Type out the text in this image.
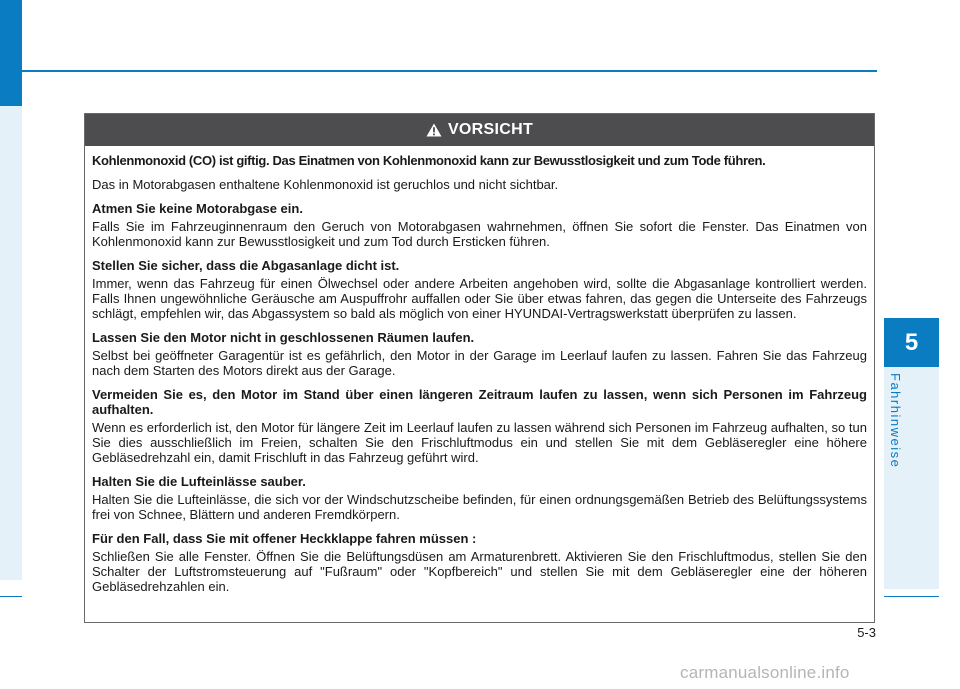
5
Fahrhinweise
VORSICHT

Kohlenmonoxid (CO) ist giftig. Das Einatmen von Kohlenmonoxid kann zur Bewusstlosigkeit und zum Tode führen.

Das in Motorabgasen enthaltene Kohlenmonoxid ist geruchlos und nicht sichtbar.

Atmen Sie keine Motorabgase ein.

Falls Sie im Fahrzeuginnenraum den Geruch von Motorabgasen wahrnehmen, öffnen Sie sofort die Fenster. Das Einatmen von Kohlenmonoxid kann zur Bewusstlosigkeit und zum Tod durch Ersticken führen.

Stellen Sie sicher, dass die Abgasanlage dicht ist.

Immer, wenn das Fahrzeug für einen Ölwechsel oder andere Arbeiten angehoben wird, sollte die Abgasanlage kontrolliert werden. Falls Ihnen ungewöhnliche Geräusche am Auspuffrohr auffallen oder Sie über etwas fahren, das gegen die Unterseite des Fahrzeugs schlägt, empfehlen wir, das Abgassystem so bald als möglich von einer HYUNDAI-Vertragswerkstatt überprüfen zu lassen.

Lassen Sie den Motor nicht in geschlossenen Räumen laufen.

Selbst bei geöffneter Garagentür ist es gefährlich, den Motor in der Garage im Leerlauf laufen zu lassen. Fahren Sie das Fahrzeug nach dem Starten des Motors direkt aus der Garage.

Vermeiden Sie es, den Motor im Stand über einen längeren Zeitraum laufen zu lassen, wenn sich Personen im Fahrzeug aufhalten.

Wenn es erforderlich ist, den Motor für längere Zeit im Leerlauf laufen zu lassen während sich Personen im Fahrzeug aufhalten, so tun Sie dies ausschließlich im Freien, schalten Sie den Frischluftmodus ein und stellen Sie mit dem Gebläseregler eine höhere Gebläsedrehzahl ein, damit Frischluft in das Fahrzeug geführt wird.

Halten Sie die Lufteinlässe sauber.

Halten Sie die Lufteinlässe, die sich vor der Windschutzscheibe befinden, für einen ordnungsgemäßen Betrieb des Belüftungssystems frei von Schnee, Blättern und anderen Fremdkörpern.

Für den Fall, dass Sie mit offener Heckklappe fahren müssen :

Schließen Sie alle Fenster. Öffnen Sie die Belüftungsdüsen am Armaturenbrett. Aktivieren Sie den Frischluftmodus, stellen Sie den Schalter der Luftstromsteuerung auf "Fußraum" oder "Kopfbereich" und stellen Sie mit dem Gebläseregler eine der höheren Gebläsedrehzahlen ein.

5-3
carmanualsonline.info
